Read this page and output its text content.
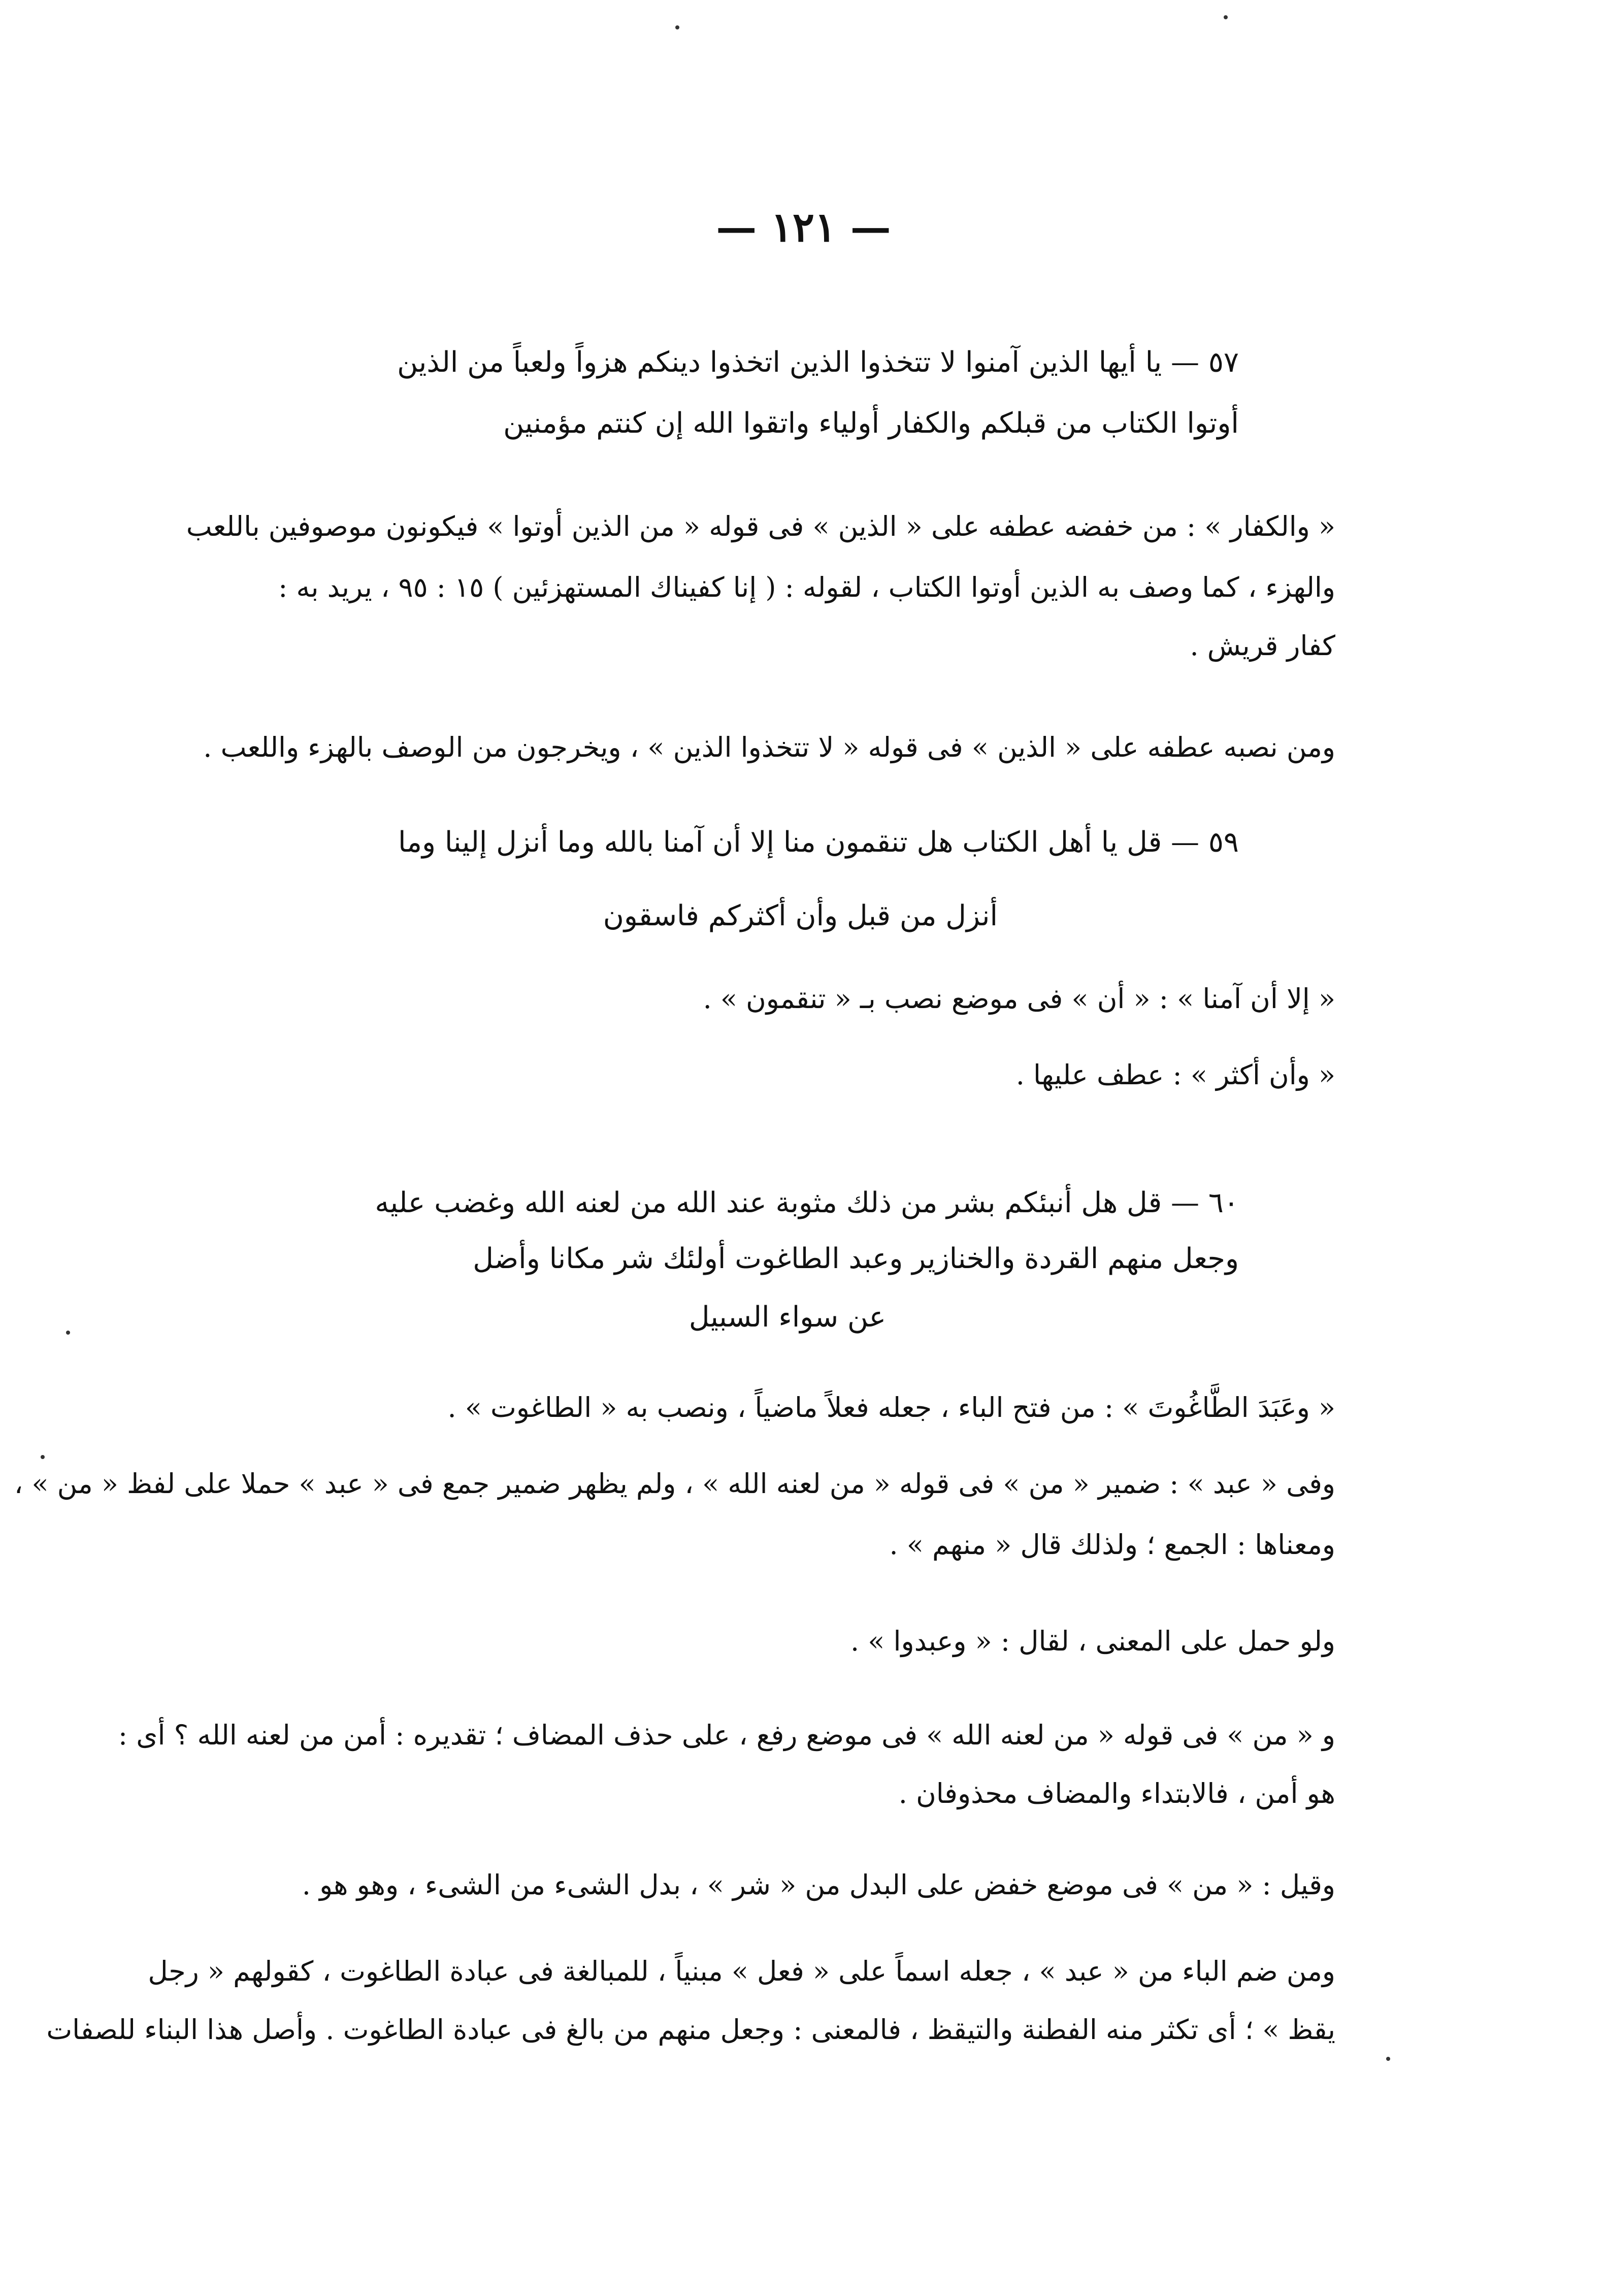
— ١٢١ —
٥٧ — يا أيها الذين آمنوا لا تتخذوا الذين اتخذوا دينكم هزواً ولعباً من الذين
أوتوا الكتاب من قبلكم والكفار أولياء واتقوا الله إن كنتم مؤمنين
« والكفار » : من خفضه عطفه على « الذين » فى قوله « من الذين أوتوا » فيكونون موصوفين باللعب
والهزء ، كما وصف به الذين أوتوا الكتاب ، لقوله : ( إنا كفيناك المستهزئين ) ١٥ : ٩٥ ، يريد به :
كفار قريش .
ومن نصبه عطفه على « الذين » فى قوله « لا تتخذوا الذين » ، ويخرجون من الوصف بالهزء واللعب .
٥٩ — قل يا أهل الكتاب هل تنقمون منا إلا أن آمنا بالله وما أنزل إلينا وما
أنزل من قبل وأن أكثركم فاسقون
« إلا أن آمنا » : « أن » فى موضع نصب بـ « تنقمون » .
« وأن أكثر » : عطف عليها .
٦٠ — قل هل أنبئكم بشر من ذلك مثوبة عند الله من لعنه الله وغضب عليه
وجعل منهم القردة والخنازير وعبد الطاغوت أولئك شر مكانا وأضل
عن سواء السبيل
« وعَبَدَ الطَّاغُوتَ » : من فتح الباء ، جعله فعلاً ماضياً ، ونصب به « الطاغوت » .
وفى « عبد » : ضمير « من » فى قوله « من لعنه الله » ، ولم يظهر ضمير جمع فى « عبد » حملا على لفظ « من » ،
ومعناها : الجمع ؛ ولذلك قال « منهم » .
ولو حمل على المعنى ، لقال : « وعبدوا » .
و « من » فى قوله « من لعنه الله » فى موضع رفع ، على حذف المضاف ؛ تقديره : أمن من لعنه الله ؟ أى :
هو أمن ، فالابتداء والمضاف محذوفان .
وقيل : « من » فى موضع خفض على البدل من « شر » ، بدل الشىء من الشىء ، وهو هو .
ومن ضم الباء من « عبد » ، جعله اسماً على « فعل » مبنياً ، للمبالغة فى عبادة الطاغوت ، كقولهم « رجل
يقظ » ؛ أى تكثر منه الفطنة والتيقظ ، فالمعنى : وجعل منهم من بالغ فى عبادة الطاغوت . وأصل هذا البناء للصفات
